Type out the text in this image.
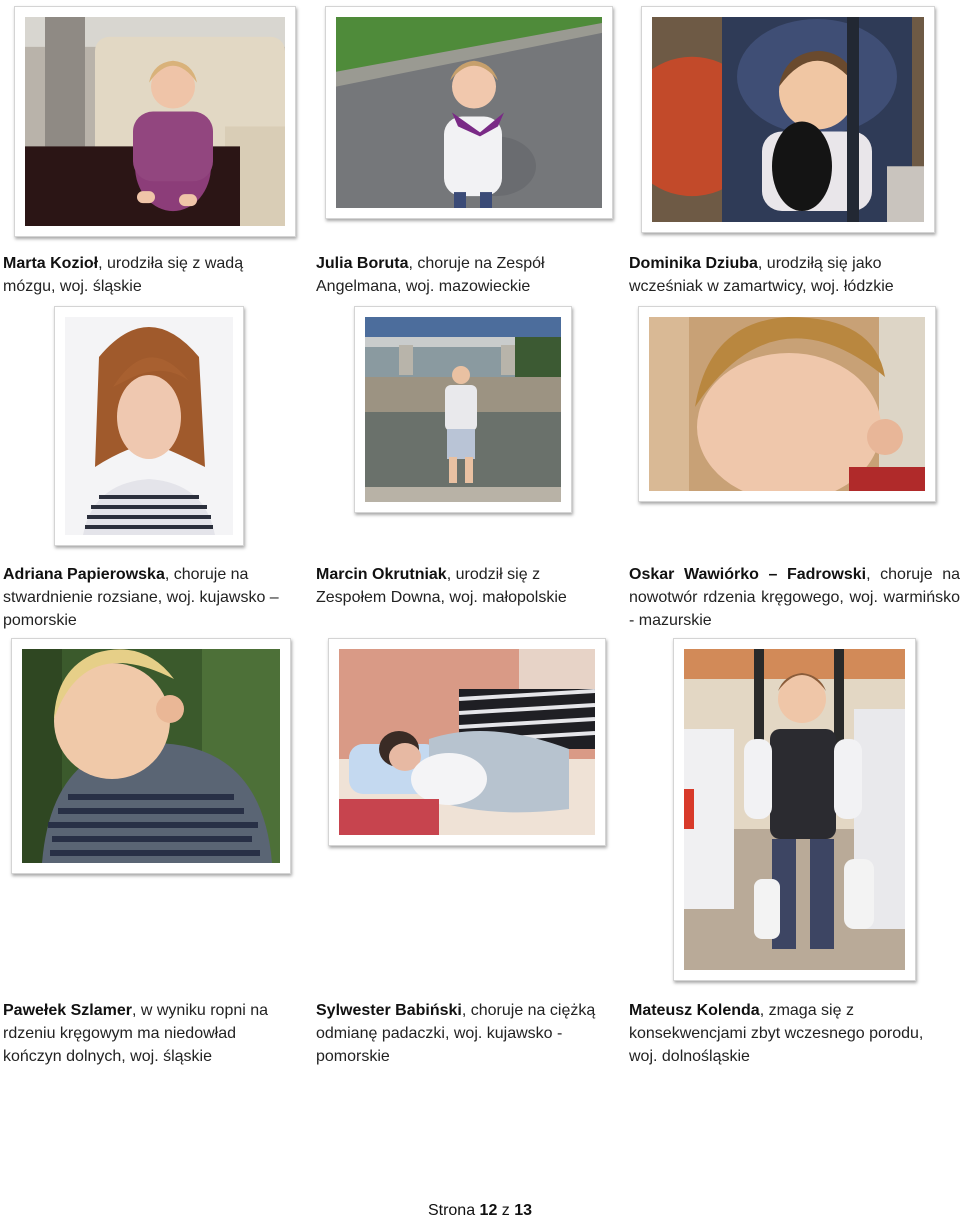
Marta Kozioł, urodziła się z wadą mózgu, woj. śląskie
Julia Boruta, choruje na Zespół Angelmana, woj. mazowieckie
Dominika Dziuba, urodziłą się jako wcześniak w zamartwicy, woj. łódzkie
Adriana Papierowska, choruje na stwardnienie rozsiane, woj. kujawsko – pomorskie
Marcin Okrutniak, urodził się z Zespołem Downa, woj. małopolskie
Oskar Wawiórko – Fadrowski, choruje na nowotwór rdzenia kręgowego, woj. warmińsko - mazurskie
Pawełek Szlamer, w wyniku ropni na rdzeniu kręgowym ma niedowład kończyn dolnych, woj. śląskie
Sylwester Babiński, choruje na ciężką odmianę padaczki, woj. kujawsko - pomorskie
Mateusz Kolenda, zmaga się z konsekwencjami zbyt wczesnego porodu, woj. dolnośląskie
Strona 12 z 13
